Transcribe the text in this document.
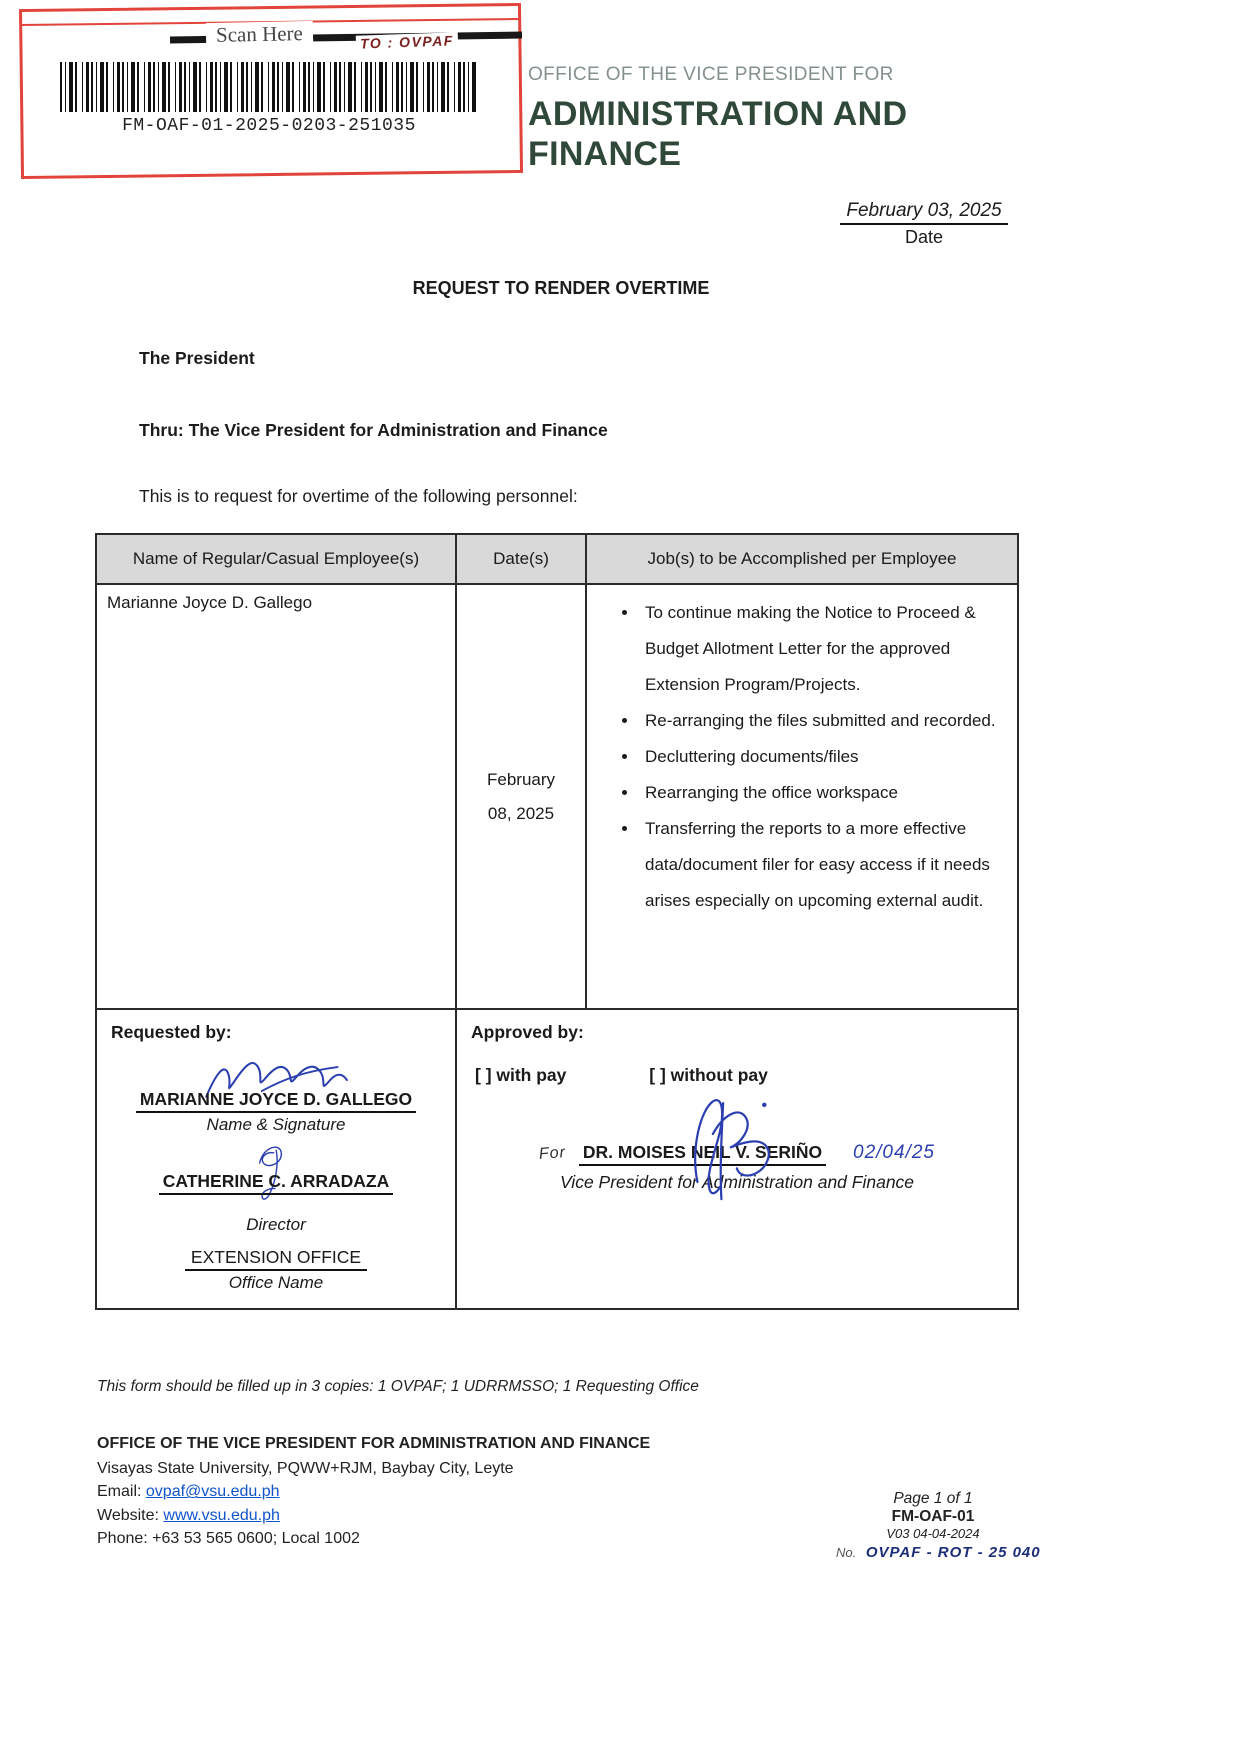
Scan Here	TO : OVPAF
FM-OAF-01-2025-0203-251035
OFFICE OF THE VICE PRESIDENT FOR
ADMINISTRATION AND
FINANCE
February 03, 2025
Date
REQUEST TO RENDER OVERTIME
The President
Thru: The Vice President for Administration and Finance
This is to request for overtime of the following personnel:
Name of Regular/Casual Employee(s)	Date(s)	Job(s) to be Accomplished per Employee
Marianne Joyce D. Gallego	February 08, 2025	
• To continue making the Notice to Proceed & Budget Allotment Letter for the approved Extension Program/Projects.
• Re-arranging the files submitted and recorded.
• Decluttering documents/files
• Rearranging the office workspace
• Transferring the reports to a more effective data/document filer for easy access if it needs arises especially on upcoming external audit.

Requested by:
MARIANNE JOYCE D. GALLEGO
Name & Signature
CATHERINE C. ARRADAZA
Director
EXTENSION OFFICE
Office Name

Approved by:
[ ] with pay	[ ] without pay
For DR. MOISES NEIL V. SERIÑO 02/04/25
Vice President for Administration and Finance
This form should be filled up in 3 copies: 1 OVPAF; 1 UDRRMSSO; 1 Requesting Office
OFFICE OF THE VICE PRESIDENT FOR ADMINISTRATION AND FINANCE
Visayas State University, PQWW+RJM, Baybay City, Leyte
Email: ovpaf@vsu.edu.ph
Website: www.vsu.edu.ph
Phone: +63 53 565 0600; Local 1002
Page 1 of 1
FM-OAF-01
V03 04-04-2024
No. OVPAF - ROT - 25 040
